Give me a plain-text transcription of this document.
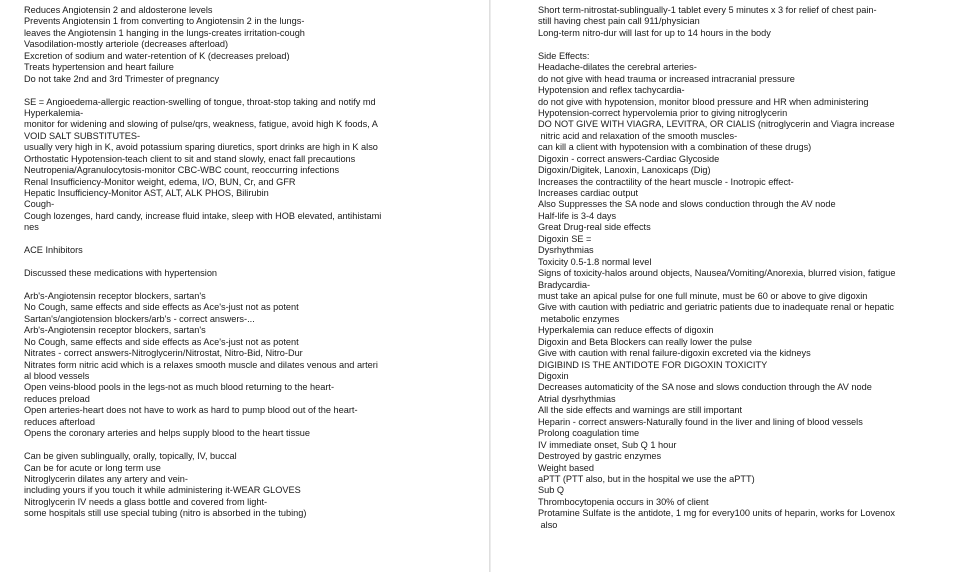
Reduces Angiotensin 2 and aldosterone levels
Prevents Angiotensin 1 from converting to Angiotensin 2 in the lungs-
leaves the Angiotensin 1 hanging in the lungs-creates irritation-cough
Vasodilation-mostly arteriole (decreases afterload)
Excretion of sodium and water-retention of K (decreases preload)
Treats hypertension and heart failure
Do not take 2nd and 3rd Trimester of pregnancy
SE = Angioedema-allergic reaction-swelling of tongue, throat-stop taking and notify md
Hyperkalemia-
monitor for widening and slowing of pulse/qrs, weakness, fatigue, avoid high K foods, A
VOID SALT SUBSTITUTES-
usually very high in K, avoid potassium sparing diuretics, sport drinks are high in K also
Orthostatic Hypotension-teach client to sit and stand slowly, enact fall precautions
Neutropenia/Agranulocytosis-monitor CBC-WBC count, reoccurring infections
Renal Insufficiency-Monitor weight, edema, I/O, BUN, Cr, and GFR
Hepatic Insufficiency-Monitor AST, ALT, ALK PHOS, Bilirubin
Cough-
Cough lozenges, hard candy, increase fluid intake, sleep with HOB elevated, antihistami
nes
ACE Inhibitors
Discussed these medications with hypertension
Arb's-Angiotensin receptor blockers, sartan's
No Cough, same effects and side effects as Ace's-just not as potent
Sartan's/angiotension blockers/arb's - correct answers-...
Arb's-Angiotensin receptor blockers, sartan's
No Cough, same effects and side effects as Ace's-just not as potent
Nitrates - correct answers-Nitroglycerin/Nitrostat, Nitro-Bid, Nitro-Dur
Nitrates form nitric acid which is a relaxes smooth muscle and dilates venous and arteri
al blood vessels
Open veins-blood pools in the legs-not as much blood returning to the heart-
reduces preload
Open arteries-heart does not have to work as hard to pump blood out of the heart-
reduces afterload
Opens the coronary arteries and helps supply blood to the heart tissue
Can be given sublingually, orally, topically, IV, buccal
Can be for acute or long term use
Nitroglycerin dilates any artery and vein-
including yours if you touch it while administering it-WEAR GLOVES
Nitroglycerin IV needs a glass bottle and covered from light-
some hospitals still use special tubing (nitro is absorbed in the tubing)
Short term-nitrostat-sublingually-1 tablet every 5 minutes x 3 for relief of chest pain-
still having chest pain call 911/physician
Long-term nitro-dur will last for up to 14 hours in the body
Side Effects:
Headache-dilates the cerebral arteries-
do not give with head trauma or increased intracranial pressure
Hypotension and reflex tachycardia-
do not give with hypotension, monitor blood pressure and HR when administering
Hypotension-correct hypervolemia prior to giving nitroglycerin
DO NOT GIVE WITH VIAGRA, LEVITRA, OR CIALIS (nitroglycerin and Viagra increase
nitric acid and relaxation of the smooth muscles-
can kill a client with hypotension with a combination of these drugs)
Digoxin - correct answers-Cardiac Glycoside
Digoxin/Digitek, Lanoxin, Lanoxicaps (Dig)
Increases the contractility of the heart muscle - Inotropic effect-
Increases cardiac output
Also Suppresses the SA node and slows conduction through the AV node
Half-life is 3-4 days
Great Drug-real side effects
Digoxin SE =
Dysrhythmias
Toxicity 0.5-1.8 normal level
Signs of toxicity-halos around objects, Nausea/Vomiting/Anorexia, blurred vision, fatigue
Bradycardia-
must take an apical pulse for one full minute, must be 60 or above to give digoxin
Give with caution with pediatric and geriatric patients due to inadequate renal or hepatic
metabolic enzymes
Hyperkalemia can reduce effects of digoxin
Digoxin and Beta Blockers can really lower the pulse
Give with caution with renal failure-digoxin excreted via the kidneys
DIGIBIND IS THE ANTIDOTE FOR DIGOXIN TOXICITY
Digoxin
Decreases automaticity of the SA nose and slows conduction through the AV node
Atrial dysrhythmias
All the side effects and warnings are still important
Heparin - correct answers-Naturally found in the liver and lining of blood vessels
Prolong coagulation time
IV immediate onset, Sub Q 1 hour
Destroyed by gastric enzymes
Weight based
aPTT (PTT also, but in the hospital we use the aPTT)
Sub Q
Thrombocytopenia occurs in 30% of client
Protamine Sulfate is the antidote, 1 mg for every100 units of heparin, works for Lovenox
also
